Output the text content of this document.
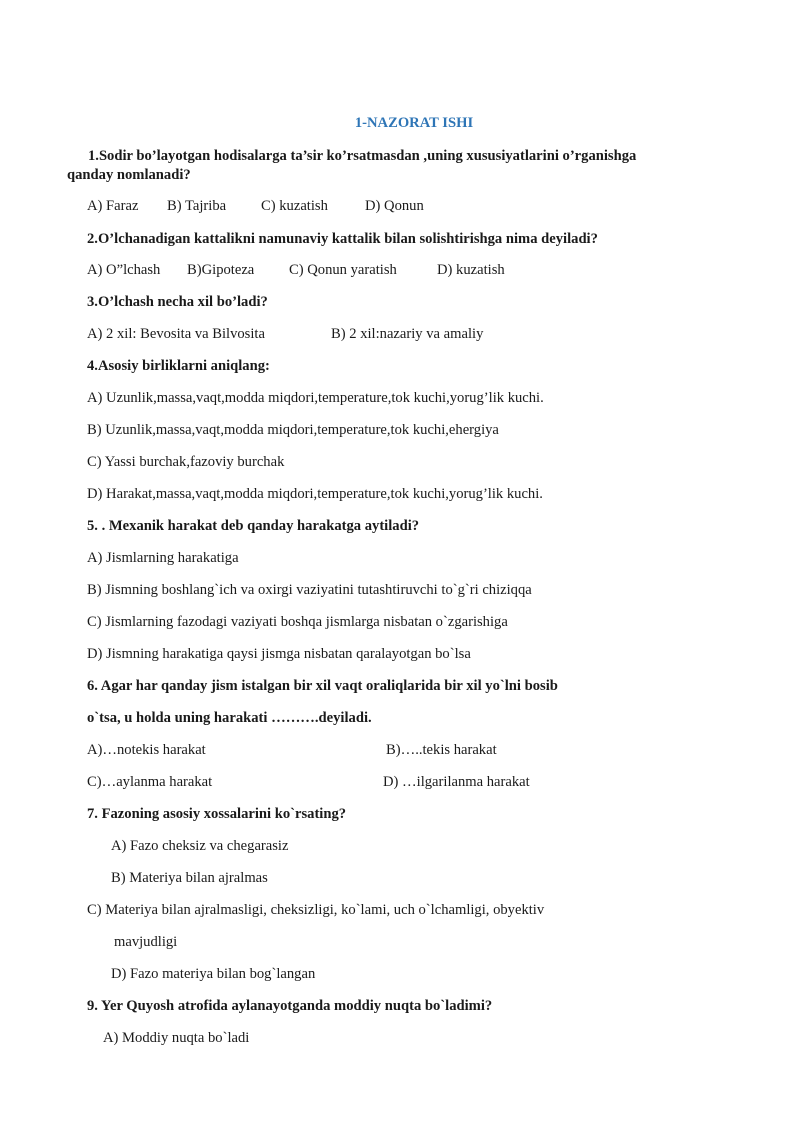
1-NAZORAT ISHI
1.Sodir bo’layotgan hodisalarga ta’sir ko’rsatmasdan ,uning xususiyatlarini o’rganishga
qanday nomlanadi?
A) Faraz B) Tajriba C) kuzatish	D) Qonun
2.O’lchanadigan kattalikni namunaviy kattalik bilan solishtirishga nima deyiladi?
A) O”lchash B)Gipoteza C) Qonun yaratish	D) kuzatish
3.O’lchash necha xil bo’ladi?
A) 2 xil: Bevosita va Bilvosita	B) 2 xil:nazariy va amaliy
4.Asosiy birliklarni aniqlang:
A) Uzunlik,massa,vaqt,modda miqdori,temperature,tok kuchi,yorug’lik kuchi.
B) Uzunlik,massa,vaqt,modda miqdori,temperature,tok kuchi,ehergiya
C) Yassi burchak,fazoviy burchak
D) Harakat,massa,vaqt,modda miqdori,temperature,tok kuchi,yorug’lik kuchi.
5. . Mexanik harakat deb qanday harakatga aytiladi?
A) Jismlarning harakatiga
B) Jismning boshlang`ich va oxirgi vaziyatini tutashtiruvchi to`g`ri chiziqqa
C) Jismlarning fazodagi vaziyati boshqa jismlarga nisbatan o`zgarishiga
D) Jismning harakatiga qaysi jismga nisbatan qaralayotgan bo`lsa
6. Agar har qanday jism istalgan bir xil vaqt oraliqlarida bir xil yo`lni bosib
o`tsa, u holda uning harakati ……….deyiladi.
A)…notekis harakat	B)…..tekis harakat
C)…aylanma harakat	D) …ilgarilanma harakat
7. Fazoning asosiy xossalarini ko`rsating?
A) Fazo cheksiz va chegarasiz
B) Materiya bilan ajralmas
C) Materiya bilan ajralmasligi, cheksizligi, ko`lami, uch o`lchamligi, obyektiv
mavjudligi
D) Fazo materiya bilan bog`langan
9. Yer Quyosh atrofida aylanayotganda moddiy nuqta bo`ladimi?
A) Moddiy nuqta bo`ladi
